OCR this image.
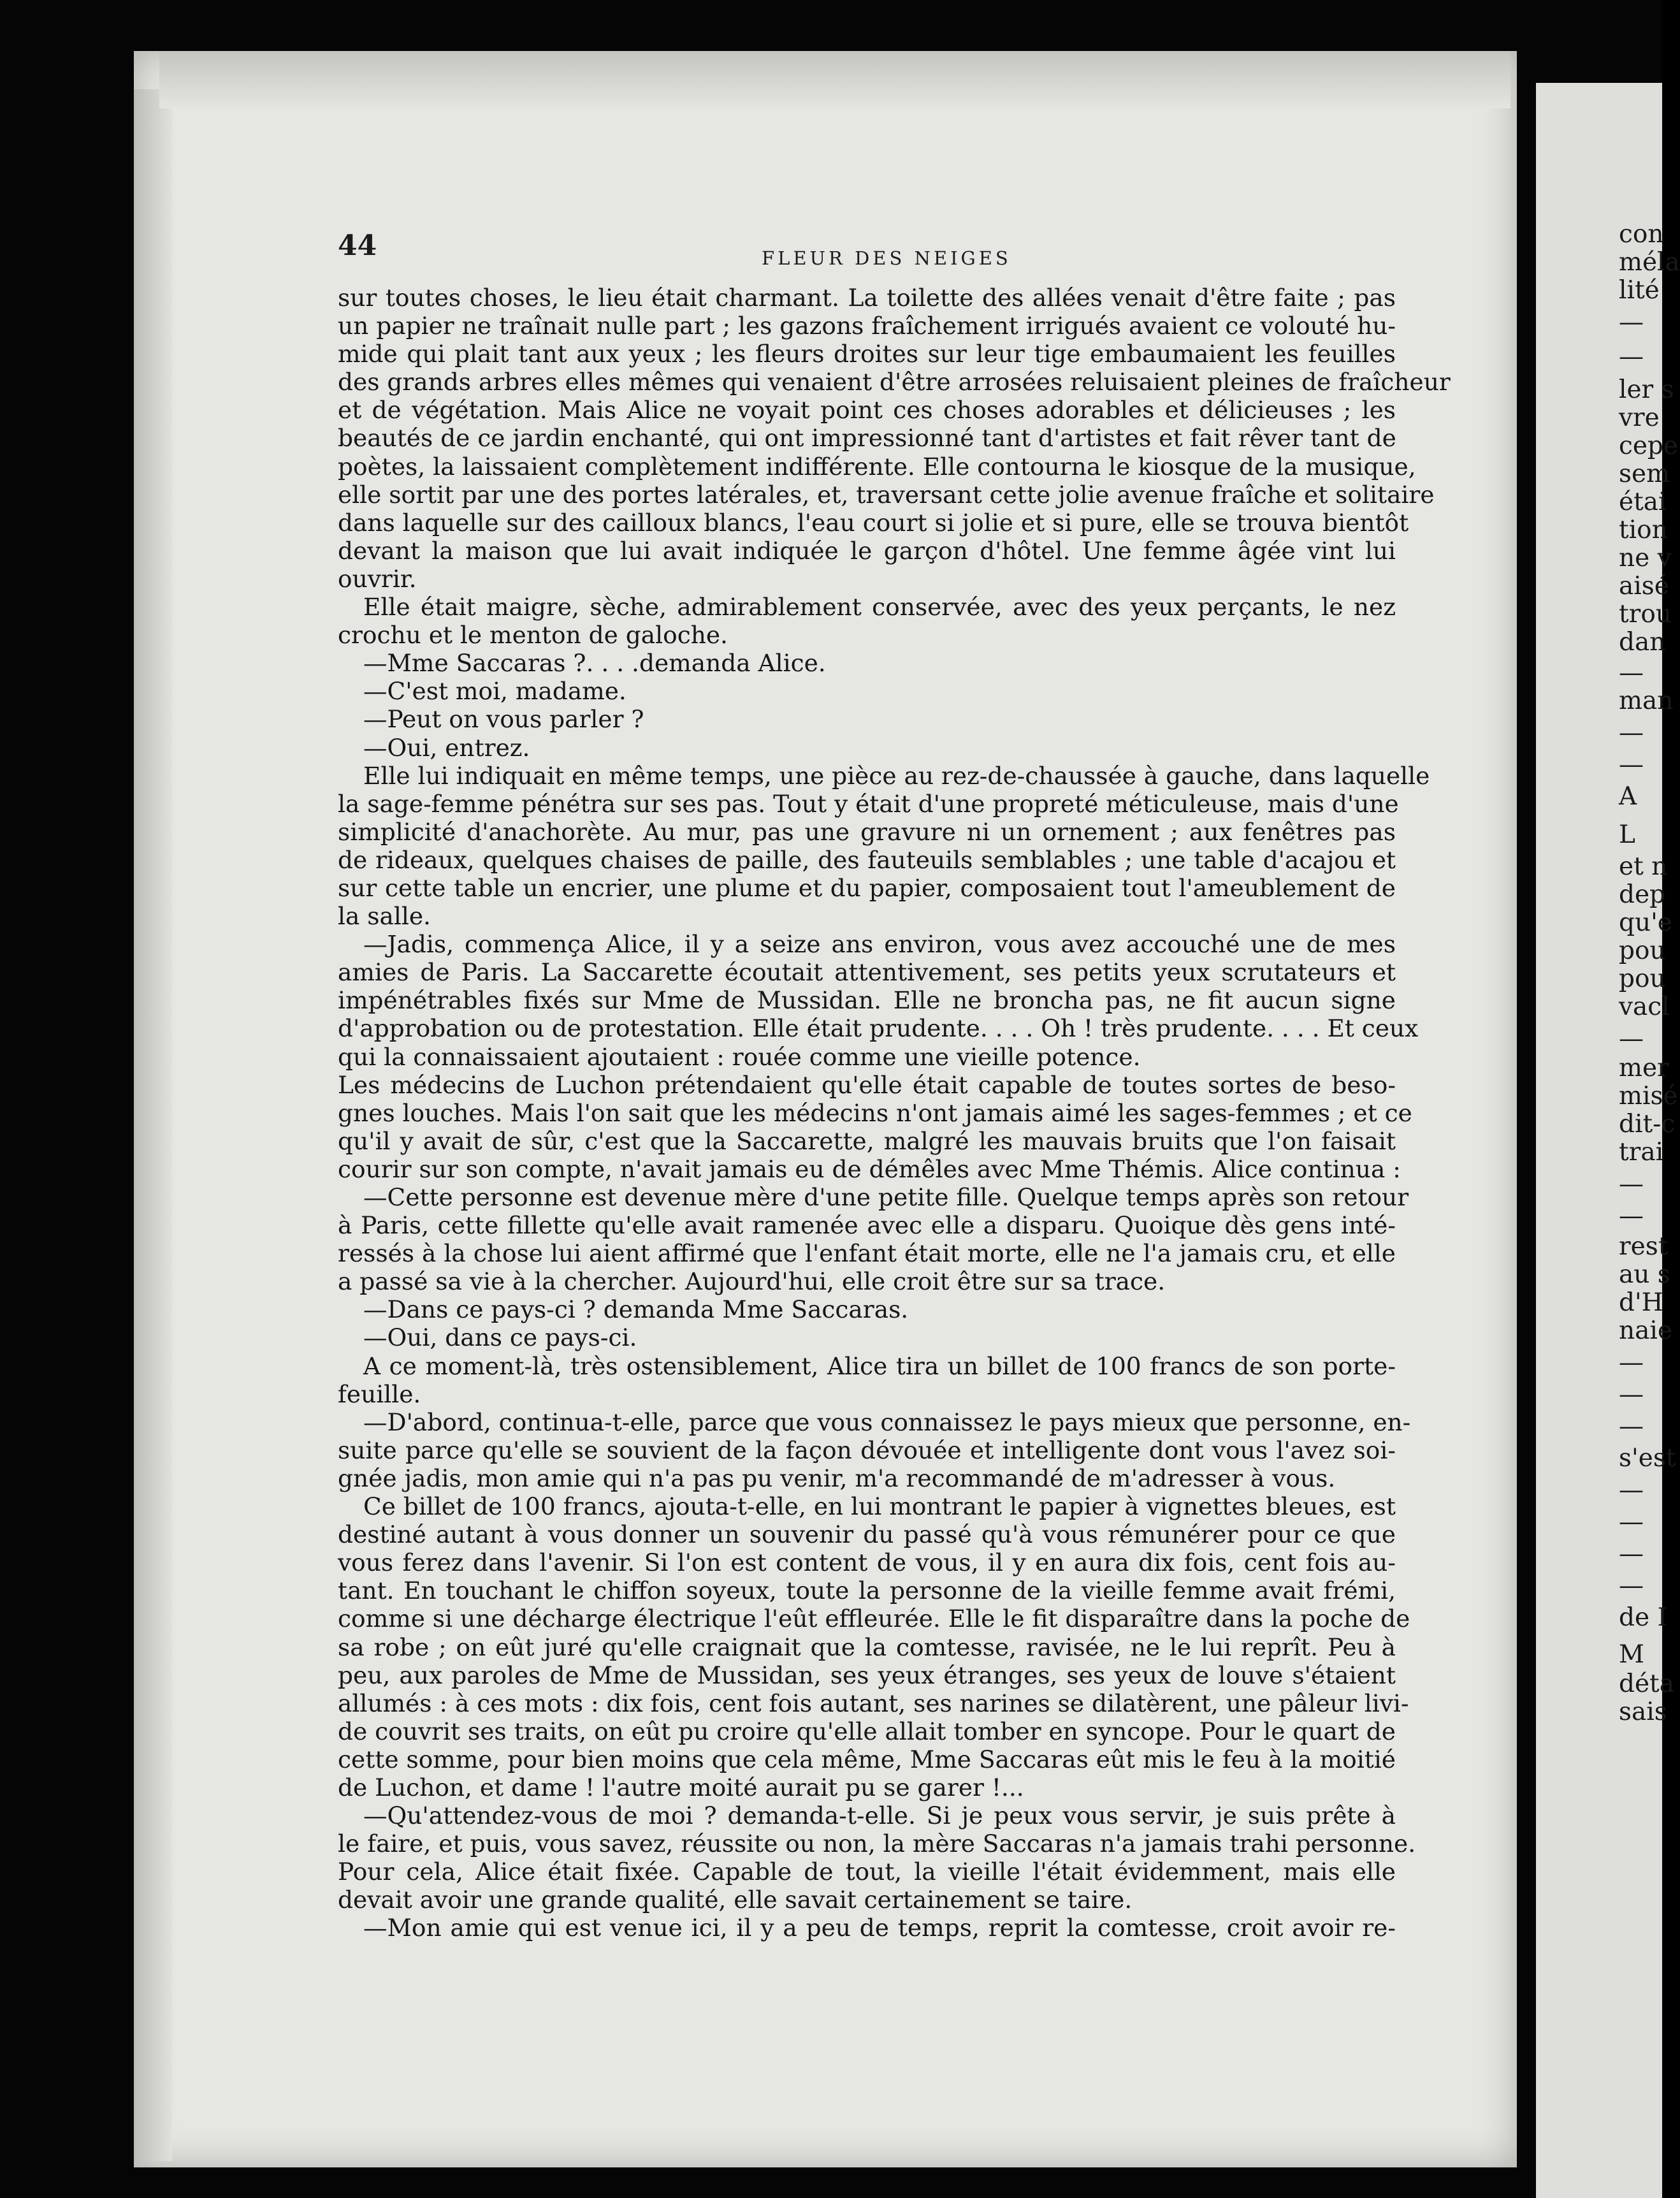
con
méla
lité
—
—
ler s
vre
cepe
sem
étai
tion
ne v
aisé
trou
dan
—
man
—
—
A
L
et n
dep
qu'e
pou
pou
vacl
—
mer
misé
dit-c
trai
—
—
rest
au s
d'H
naie
—
—
—
s'est
—
—
—
—
de I
M
déta
sais
44	FLEUR DES NEIGES
sur toutes choses, le lieu était charmant. La toilette des allées venait d'être faite ; pas
un papier ne traînait nulle part ; les gazons fraîchement irrigués avaient ce volouté hu-
mide qui plait tant aux yeux ; les fleurs droites sur leur tige embaumaient les feuilles
des grands arbres elles mêmes qui venaient d'être arrosées reluisaient pleines de fraîcheur
et de végétation. Mais Alice ne voyait point ces choses adorables et délicieuses ; les
beautés de ce jardin enchanté, qui ont impressionné tant d'artistes et fait rêver tant de
poètes, la laissaient complètement indifférente. Elle contourna le kiosque de la musique,
elle sortit par une des portes latérales, et, traversant cette jolie avenue fraîche et solitaire
dans laquelle sur des cailloux blancs, l'eau court si jolie et si pure, elle se trouva bientôt
devant la maison que lui avait indiquée le garçon d'hôtel. Une femme âgée vint lui
ouvrir.
Elle était maigre, sèche, admirablement conservée, avec des yeux perçants, le nez
crochu et le menton de galoche.
—Mme Saccaras ?. . . .demanda Alice.
—C'est moi, madame.
—Peut on vous parler ?
—Oui, entrez.
Elle lui indiquait en même temps, une pièce au rez-de-chaussée à gauche, dans laquelle
la sage-femme pénétra sur ses pas. Tout y était d'une propreté méticuleuse, mais d'une
simplicité d'anachorète. Au mur, pas une gravure ni un ornement ; aux fenêtres pas
de rideaux, quelques chaises de paille, des fauteuils semblables ; une table d'acajou et
sur cette table un encrier, une plume et du papier, composaient tout l'ameublement de
la salle.
—Jadis, commença Alice, il y a seize ans environ, vous avez accouché une de mes
amies de Paris. La Saccarette écoutait attentivement, ses petits yeux scrutateurs et
impénétrables fixés sur Mme de Mussidan. Elle ne broncha pas, ne fit aucun signe
d'approbation ou de protestation. Elle était prudente. . . . Oh ! très prudente. . . . Et ceux
qui la connaissaient ajoutaient : rouée comme une vieille potence.
Les médecins de Luchon prétendaient qu'elle était capable de toutes sortes de beso-
gnes louches. Mais l'on sait que les médecins n'ont jamais aimé les sages-femmes ; et ce
qu'il y avait de sûr, c'est que la Saccarette, malgré les mauvais bruits que l'on faisait
courir sur son compte, n'avait jamais eu de démêles avec Mme Thémis. Alice continua :
—Cette personne est devenue mère d'une petite fille. Quelque temps après son retour
à Paris, cette fillette qu'elle avait ramenée avec elle a disparu. Quoique dès gens inté-
ressés à la chose lui aient affirmé que l'enfant était morte, elle ne l'a jamais cru, et elle
a passé sa vie à la chercher. Aujourd'hui, elle croit être sur sa trace.
—Dans ce pays-ci ? demanda Mme Saccaras.
—Oui, dans ce pays-ci.
A ce moment-là, très ostensiblement, Alice tira un billet de 100 francs de son porte-
feuille.
—D'abord, continua-t-elle, parce que vous connaissez le pays mieux que personne, en-
suite parce qu'elle se souvient de la façon dévouée et intelligente dont vous l'avez soi-
gnée jadis, mon amie qui n'a pas pu venir, m'a recommandé de m'adresser à vous.
Ce billet de 100 francs, ajouta-t-elle, en lui montrant le papier à vignettes bleues, est
destiné autant à vous donner un souvenir du passé qu'à vous rémunérer pour ce que
vous ferez dans l'avenir. Si l'on est content de vous, il y en aura dix fois, cent fois au-
tant. En touchant le chiffon soyeux, toute la personne de la vieille femme avait frémi,
comme si une décharge électrique l'eût effleurée. Elle le fit disparaître dans la poche de
sa robe ; on eût juré qu'elle craignait que la comtesse, ravisée, ne le lui reprît. Peu à
peu, aux paroles de Mme de Mussidan, ses yeux étranges, ses yeux de louve s'étaient
allumés : à ces mots : dix fois, cent fois autant, ses narines se dilatèrent, une pâleur livi-
de couvrit ses traits, on eût pu croire qu'elle allait tomber en syncope. Pour le quart de
cette somme, pour bien moins que cela même, Mme Saccaras eût mis le feu à la moitié
de Luchon, et dame ! l'autre moité aurait pu se garer !...
—Qu'attendez-vous de moi ? demanda-t-elle. Si je peux vous servir, je suis prête à
le faire, et puis, vous savez, réussite ou non, la mère Saccaras n'a jamais trahi personne.
Pour cela, Alice était fixée. Capable de tout, la vieille l'était évidemment, mais elle
devait avoir une grande qualité, elle savait certainement se taire.
—Mon amie qui est venue ici, il y a peu de temps, reprit la comtesse, croit avoir re-
